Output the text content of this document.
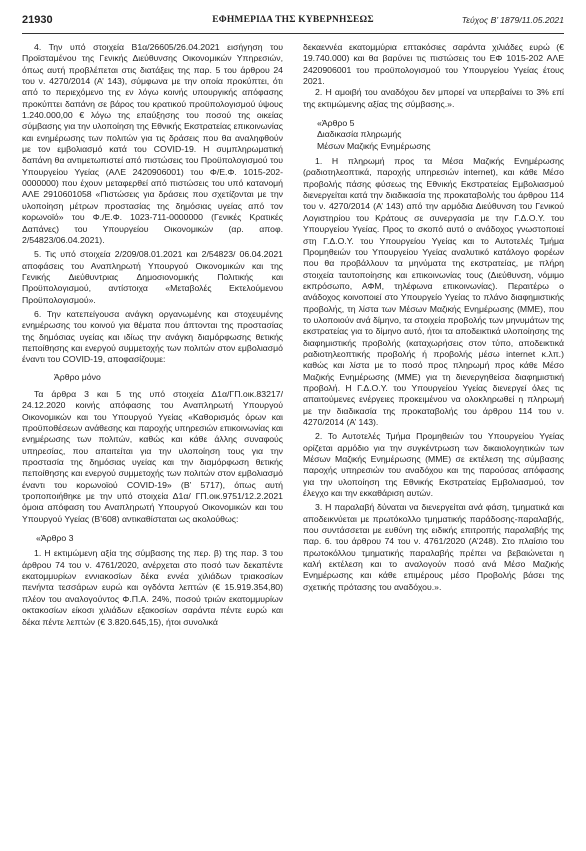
21930	ΕΦΗΜΕΡΙΔΑ ΤΗΣ ΚΥΒΕΡΝΗΣΕΩΣ	Τεύχος B’ 1879/11.05.2021

4. Την υπό στοιχεία Β1α/26605/26.04.2021 εισήγηση του Προϊσταμένου της Γενικής Διεύθυνσης Οικονομικών Υπηρεσιών, όπως αυτή προβλέπεται στις διατάξεις της παρ. 5 του άρθρου 24 του ν. 4270/2014 (Α’ 143), σύμφωνα με την οποία προκύπτει, ότι από το περιεχόμενο της εν λόγω κοινής υπουργικής απόφασης προκύπτει δαπάνη σε βάρος του κρατικού προϋπολογισμού ύψους 1.240.000,00 € λόγω της επαύξησης του ποσού της οικείας σύμβασης για την υλοποίηση της Εθνικής Εκστρατείας επικοινωνίας και ενημέρωσης των πολιτών για τις δράσεις που θα αναληφθούν με τον εμβολιασμό κατά του COVID-19. Η συμπληρωματική δαπάνη θα αντιμετωπιστεί από πιστώσεις του Προϋπολογισμού του Υπουργείου Υγείας (ΑΛΕ 2420906001) του Φ/Ε.Φ. 1015-202-0000000) που έχουν μεταφερθεί από πιστώσεις του υπό κατανομή ΑΛΕ 2910601058 «Πιστώσεις για δράσεις που σχετίζονται με την υλοποίηση μέτρων προστασίας της δημόσιας υγείας από τον κορωνοϊό» του Φ./Ε.Φ. 1023-711-0000000 (Γενικές Κρατικές Δαπάνες) του Υπουργείου Οικονομικών (αρ. αποφ. 2/54823/06.04.2021).

5. Τις υπό στοιχεία 2/209/08.01.2021 και 2/54823/ 06.04.2021 αποφάσεις του Αναπληρωτή Υπουργού Οικονομικών και της Γενικής Διεύθυντριας Δημοσιονομικής Πολιτικής και Προϋπολογισμού, αντίστοιχα «Μεταβολές Εκτελούμενου Προϋπολογισμού».

6. Την κατεπείγουσα ανάγκη οργανωμένης και στοχευμένης ενημέρωσης του κοινού για θέματα που άπτονται της προστασίας της δημόσιας υγείας και ιδίως την ανάγκη διαμόρφωσης θετικής πεποίθησης και ενεργού συμμετοχής των πολιτών στον εμβολιασμό έναντι του COVID-19, αποφασίζουμε:

Άρθρο μόνο

Τα άρθρα 3 και 5 της υπό στοιχεία Δ1α/ΓΠ.οικ.83217/ 24.12.2020 κοινής απόφασης του Αναπληρωτή Υπουργού Οικονομικών και του Υπουργού Υγείας «Καθορισμός όρων και προϋποθέσεων ανάθεσης και παροχής υπηρεσιών επικοινωνίας και ενημέρωσης των πολιτών, καθώς και κάθε άλλης συναφούς υπηρεσίας, που απαιτείται για την υλοποίηση τους για την προστασία της δημόσιας υγείας και την διαμόρφωση θετικής πεποίθησης και ενεργού συμμετοχής των πολιτών στον εμβολιασμό έναντι του κορωνοϊού COVID-19» (Β’ 5717), όπως αυτή τροποποιήθηκε με την υπό στοιχεία Δ1α/ ΓΠ.οικ.9751/12.2.2021 όμοια απόφαση του Αναπληρωτή Υπουργού Οικονομικών και του Υπουργού Υγείας (Β’608) αντικαθίσταται ως ακολούθως:

«Άρθρο 3

1. Η εκτιμώμενη αξία της σύμβασης της περ. β) της παρ. 3 του άρθρου 74 του ν. 4761/2020, ανέρχεται στο ποσό των δεκαπέντε εκατομμυρίων εννιακοσίων δέκα εννέα χιλιάδων τριακοσίων πενήντα τεσσάρων ευρώ και ογδόντα λεπτών (€ 15.919.354,80) πλέον του αναλογούντος Φ.Π.Α. 24%, ποσού τριών εκατομμυρίων οκτακοσίων είκοσι χιλιάδων εξακοσίων σαράντα πέντε ευρώ και δέκα πέντε λεπτών (€ 3.820.645,15), ήτοι συνολικά

δεκαεννέα εκατομμύρια επτακόσιες σαράντα χιλιάδες ευρώ (€ 19.740.000) και θα βαρύνει τις πιστώσεις του ΕΦ 1015-202 ΑΛΕ 2420906001 του προϋπολογισμού του Υπουργείου Υγείας έτους 2021.

2. Η αμοιβή του αναδόχου δεν μπορεί να υπερβαίνει το 3% επί της εκτιμώμενης αξίας της σύμβασης.».

«Άρθρο 5

Διαδικασία πληρωμής

Μέσων Μαζικής Ενημέρωσης

1. Η πληρωμή προς τα Μέσα Μαζικής Ενημέρωσης (ραδιοτηλεοπτικά, παροχής υπηρεσιών internet), και κάθε Μέσο προβολής πάσης φύσεως της Εθνικής Εκστρατείας Εμβολιασμού διενεργείται κατά την διαδικασία της προκαταβολής του άρθρου 114 του ν. 4270/2014 (Α’ 143) από την αρμόδια Διεύθυνση του Γενικού Λογιστηρίου του Κράτους σε συνεργασία με την Γ.Δ.Ο.Υ. του Υπουργείου Υγείας. Προς το σκοπό αυτό ο ανάδοχος γνωστοποιεί στη Γ.Δ.Ο.Υ. του Υπουργείου Υγείας και το Αυτοτελές Τμήμα Προμηθειών του Υπουργείου Υγείας αναλυτικό κατάλογο φορέων που θα προβάλλουν τα μηνύματα της εκστρατείας, με πλήρη στοιχεία ταυτοποίησης και επικοινωνίας τους (Διεύθυνση, νόμιμο εκπρόσωπο, ΑΦΜ, τηλέφωνα επικοινωνίας). Περαιτέρω ο ανάδοχος κοινοποιεί στο Υπουργείο Υγείας το πλάνο διαφημιστικής προβολής, τη λίστα των Μέσων Μαζικής Ενημέρωσης (ΜΜΕ), που το υλοποιούν ανά δίμηνο, τα στοιχεία προβολής των μηνυμάτων της εκστρατείας για το δίμηνο αυτό, ήτοι τα αποδεικτικά υλοποίησης της διαφημιστικής προβολής (καταχωρήσεις στον τύπο, αποδεικτικά ραδιοτηλεοπτικής προβολής ή προβολής μέσω internet κ.λπ.) καθώς και λίστα με το ποσό προς πληρωμή προς κάθε Μέσο Μαζικής Ενημέρωσης (ΜΜΕ) για τη διενεργηθείσα διαφημιστική προβολή. Η Γ.Δ.Ο.Υ. του Υπουργείου Υγείας διενεργεί όλες τις απαιτούμενες ενέργειες προκειμένου να ολοκληρωθεί η πληρωμή με την διαδικασία της προκαταβολής του άρθρου 114 του ν. 4270/2014 (Α’ 143).

2. Το Αυτοτελές Τμήμα Προμηθειών του Υπουργείου Υγείας ορίζεται αρμόδιο για την συγκέντρωση των δικαιολογητικών των Μέσων Μαζικής Ενημέρωσης (ΜΜΕ) σε εκτέλεση της σύμβασης παροχής υπηρεσιών του αναδόχου και της παρούσας απόφασης για την υλοποίηση της Εθνικής Εκστρατείας Εμβολιασμού, τον έλεγχο και την εκκαθάριση αυτών.

3. Η παραλαβή δύναται να διενεργείται ανά φάση, τμηματικά και αποδεικνύεται με πρωτόκολλο τμηματικής παράδοσης-παραλαβής, που συντάσσεται με ευθύνη της ειδικής επιτροπής παραλαβής της παρ. 6. του άρθρου 74 του ν. 4761/2020 (Α’248). Στο πλαίσιο του πρωτοκόλλου τμηματικής παραλαβής πρέπει να βεβαιώνεται η καλή εκτέλεση και το αναλογούν ποσό ανά Μέσο Μαζικής Ενημέρωσης και κάθε επιμέρους μέσο Προβολής βάσει της σχετικής πρότασης του αναδόχου.».
